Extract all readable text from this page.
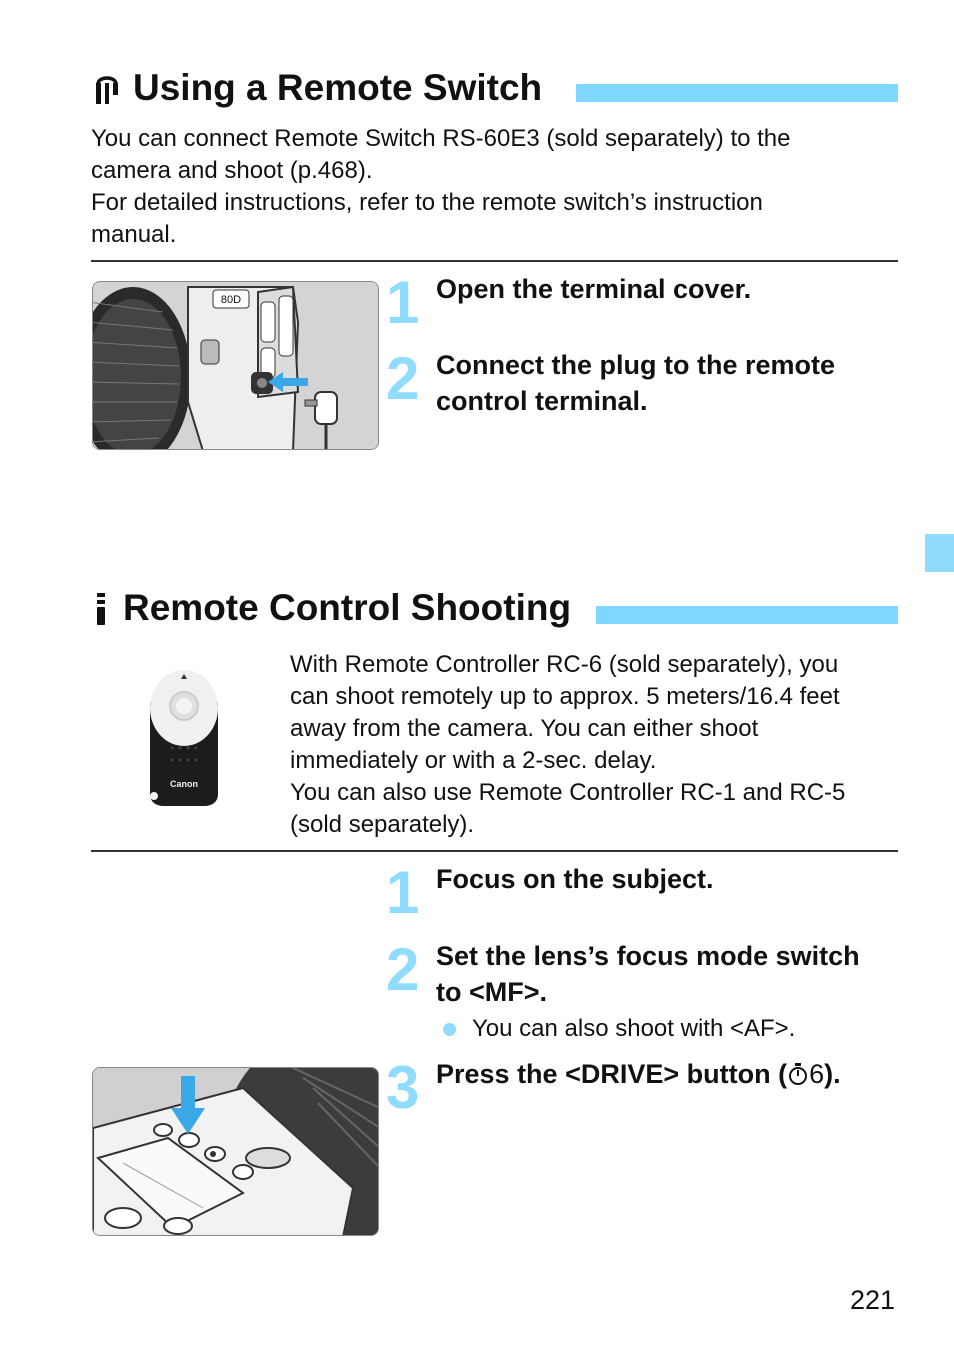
Using a Remote Switch
You can connect Remote Switch RS-60E3 (sold separately) to the
camera and shoot (p.468).
For detailed instructions, refer to the remote switch’s instruction
manual.
80D 1 Open the terminal cover.
2 Connect the plug to the remote
control terminal.
Remote Control Shooting
Canon
With Remote Controller RC-6 (sold separately), you
can shoot remotely up to approx. 5 meters/16.4 feet
away from the camera. You can either shoot
immediately or with a 2-sec. delay.
You can also use Remote Controller RC-1 and RC-5
(sold separately).
1 Focus on the subject.
2 Set the lens’s focus mode switch
to <MF>.
You can also shoot with <AF>.
3 Press the <DRIVE> button ( 6).
221
